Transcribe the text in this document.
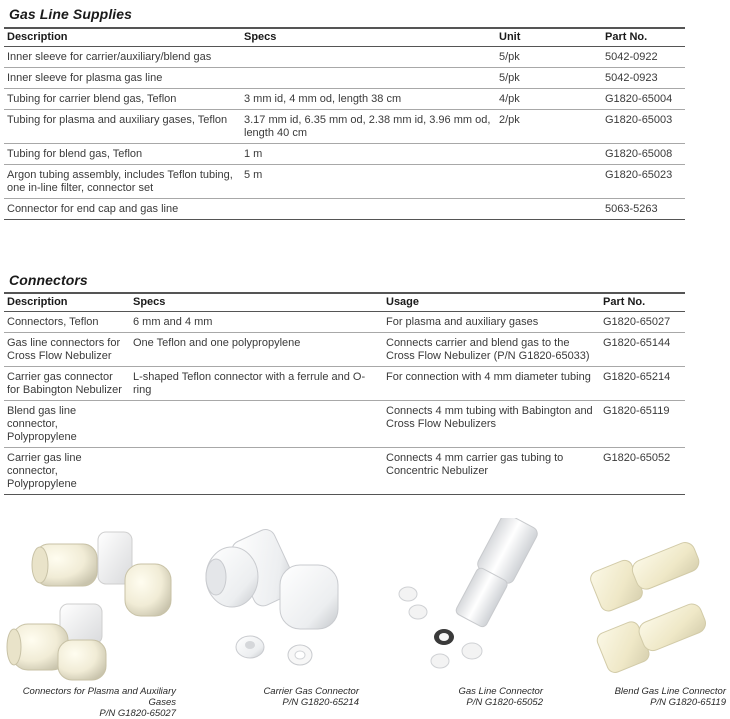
Gas Line Supplies
Description	Specs	Unit	Part No.
Inner sleeve for carrier/auxiliary/blend gas		5/pk	5042-0922
Inner sleeve for plasma gas line		5/pk	5042-0923
Tubing for carrier blend gas, Teflon	3 mm id, 4 mm od, length 38 cm	4/pk	G1820-65004
Tubing for plasma and auxiliary gases, Teflon	3.17 mm id, 6.35 mm od, 2.38 mm id, 3.96 mm od, length 40 cm	2/pk	G1820-65003
Tubing for blend gas, Teflon	1 m		G1820-65008
Argon tubing assembly, includes Teflon tubing, one in-line filter, connector set	5 m		G1820-65023
Connector for end cap and gas line			5063-5263
Connectors
Description	Specs	Usage	Part No.
Connectors, Teflon	6 mm and 4 mm	For plasma and auxiliary gases	G1820-65027
Gas line connectors for Cross Flow Nebulizer	One Teflon and one polypropylene	Connects carrier and blend gas to the Cross Flow Nebulizer (P/N G1820-65033)	G1820-65144
Carrier gas connector for Babington Nebulizer	L-shaped Teflon connector with a ferrule and O-ring	For connection with 4 mm diameter tubing	G1820-65214
Blend gas line connector, Polypropylene		Connects 4 mm tubing with Babington and Cross Flow Nebulizers	G1820-65119
Carrier gas line connector, Polypropylene		Connects 4 mm carrier gas tubing to Concentric Nebulizer	G1820-65052
Connectors for Plasma and Auxiliary Gases
P/N G1820-65027
Carrier Gas Connector
P/N G1820-65214
Gas Line Connector
P/N G1820-65052
Blend Gas Line Connector
P/N G1820-65119
